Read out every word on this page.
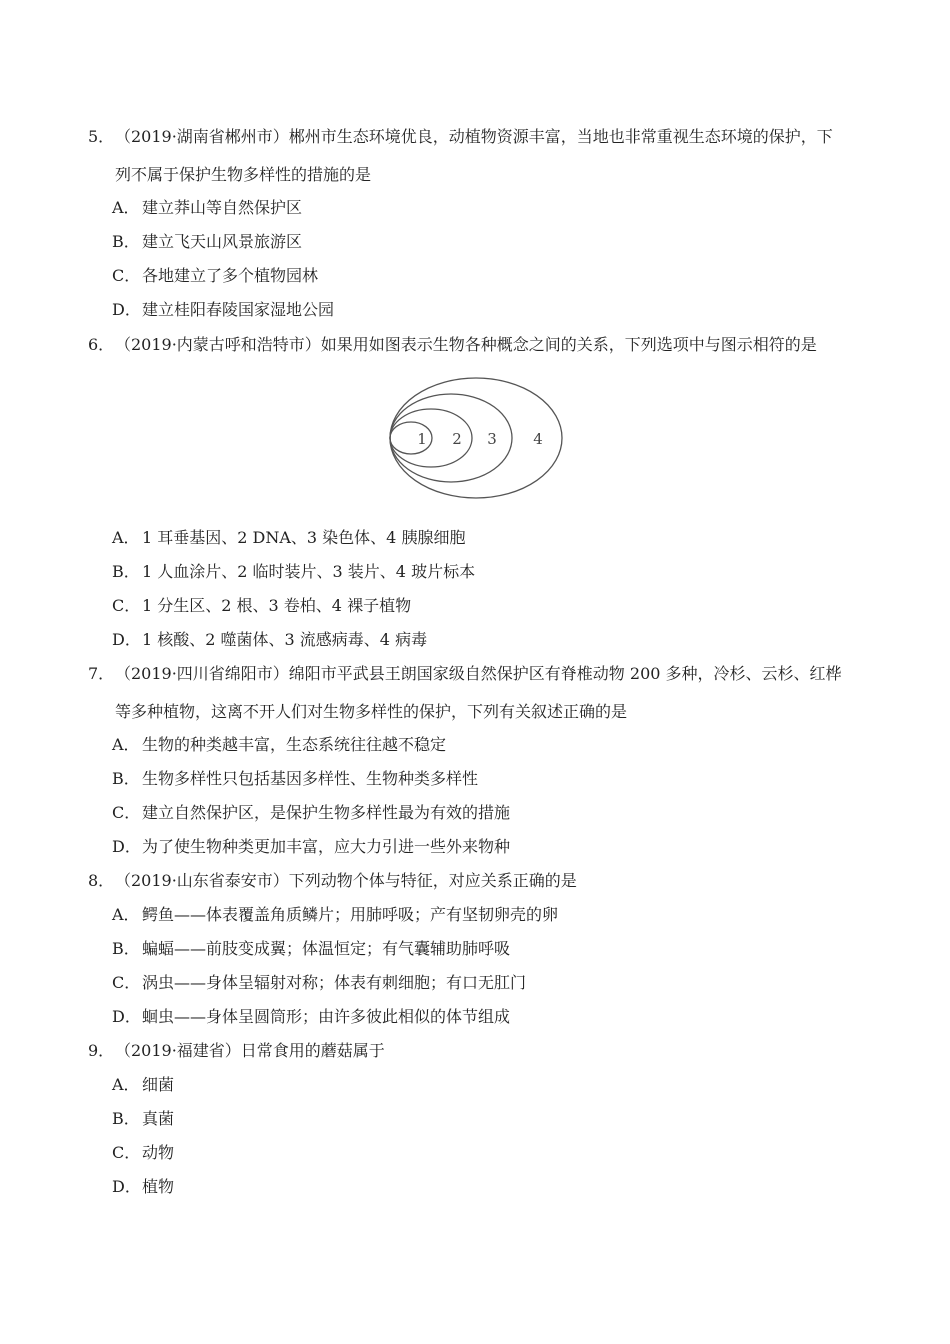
5． （2019·湖南省郴州市）郴州市生态环境优良，动植物资源丰富，当地也非常重视生态环境的保护，下
列不属于保护生物多样性的措施的是
A． 建立莽山等自然保护区
B． 建立飞天山风景旅游区
C． 各地建立了多个植物园林
D．建立桂阳春陵国家湿地公园
6． （2019·内蒙古呼和浩特市）如果用如图表示生物各种概念之间的关系，下列选项中与图示相符的是
1 2 3 4
A． 1 耳垂基因、2 DNA、3 染色体、4 胰腺细胞
B． 1 人血涂片、2 临时装片、3 装片、4 玻片标本
C． 1 分生区、2 根、3 卷柏、4 裸子植物
D．1 核酸、2 噬菌体、3 流感病毒、4 病毒
7． （2019·四川省绵阳市）绵阳市平武县王朗国家级自然保护区有脊椎动物 200 多种，冷杉、云杉、红桦
等多种植物，这离不开人们对生物多样性的保护，下列有关叙述正确的是
A． 生物的种类越丰富，生态系统往往越不稳定
B． 生物多样性只包括基因多样性、生物种类多样性
C． 建立自然保护区，是保护生物多样性最为有效的措施
D．为了使生物种类更加丰富，应大力引进一些外来物种
8． （2019·山东省泰安市）下列动物个体与特征，对应关系正确的是
A． 鳄鱼——体表覆盖角质鳞片；用肺呼吸；产有坚韧卵壳的卵
B． 蝙蝠——前肢变成翼；体温恒定；有气囊辅助肺呼吸
C． 涡虫——身体呈辐射对称；体表有刺细胞；有口无肛门
D．蛔虫——身体呈圆筒形；由许多彼此相似的体节组成
9． （2019·福建省）日常食用的蘑菇属于
A． 细菌
B． 真菌
C． 动物
D．植物
